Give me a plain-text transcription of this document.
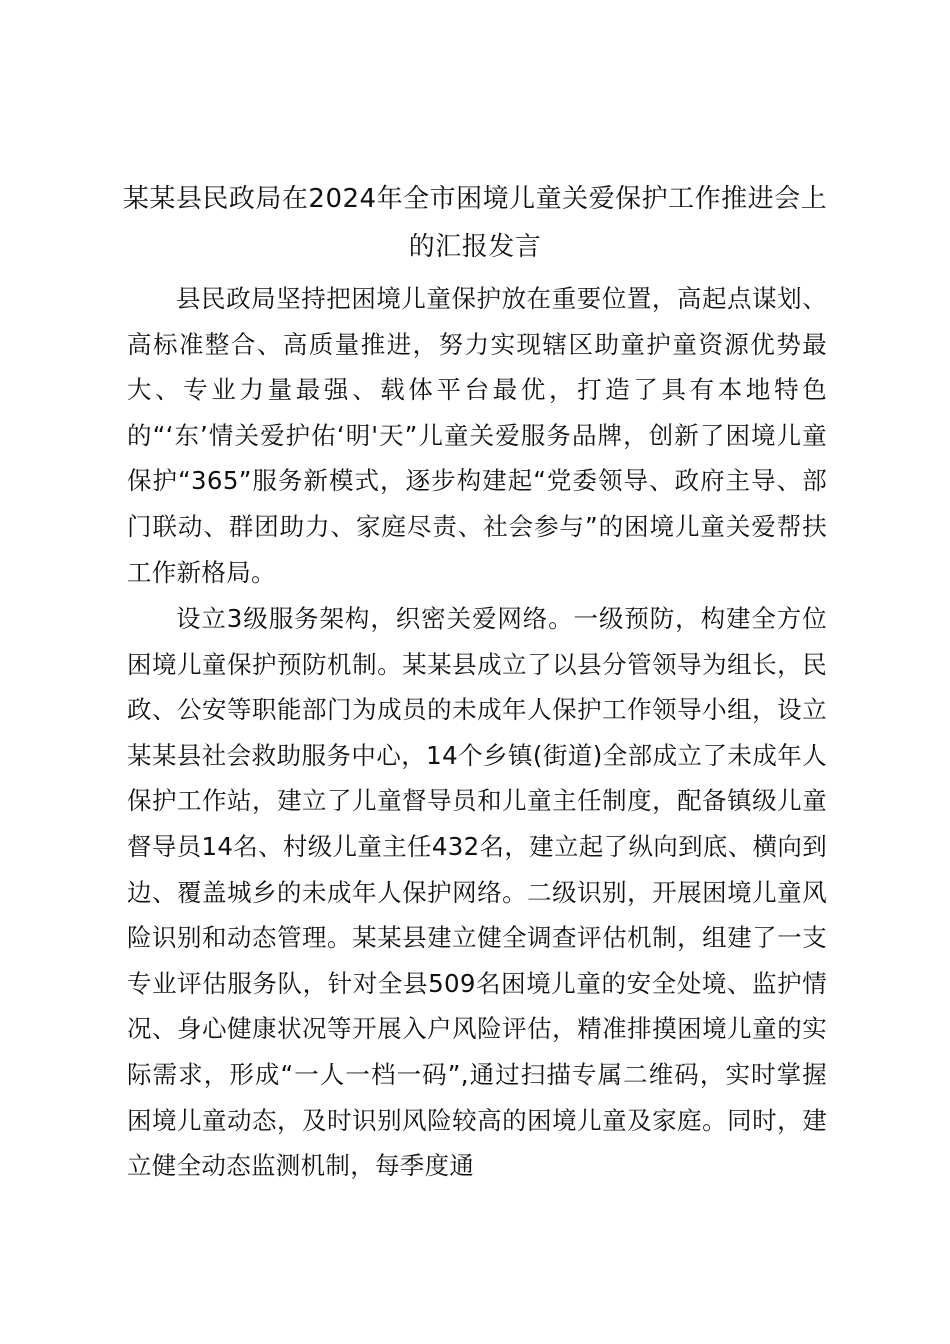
某某县民政局在2024年全市困境儿童关爱保护工作推进会上的汇报发言

县民政局坚持把困境儿童保护放在重要位置，高起点谋划、高标准整合、高质量推进，努力实现辖区助童护童资源优势最大、专业力量最强、载体平台最优，打造了具有本地特色的“‘东’情关爱护佑‘明'天”儿童关爱服务品牌，创新了困境儿童保护“365”服务新模式，逐步构建起“党委领导、政府主导、部门联动、群团助力、家庭尽责、社会参与”的困境儿童关爱帮扶工作新格局。

设立3级服务架构，织密关爱网络。一级预防，构建全方位困境儿童保护预防机制。某某县成立了以县分管领导为组长，民政、公安等职能部门为成员的未成年人保护工作领导小组，设立某某县社会救助服务中心，14个乡镇(街道)全部成立了未成年人保护工作站，建立了儿童督导员和儿童主任制度，配备镇级儿童督导员14名、村级儿童主任432名，建立起了纵向到底、横向到边、覆盖城乡的未成年人保护网络。二级识别，开展困境儿童风险识别和动态管理。某某县建立健全调查评估机制，组建了一支专业评估服务队，针对全县509名困境儿童的安全处境、监护情况、身心健康状况等开展入户风险评估，精准排摸困境儿童的实际需求，形成“一人一档一码”,通过扫描专属二维码，实时掌握困境儿童动态，及时识别风险较高的困境儿童及家庭。同时，建立健全动态监测机制，每季度通
